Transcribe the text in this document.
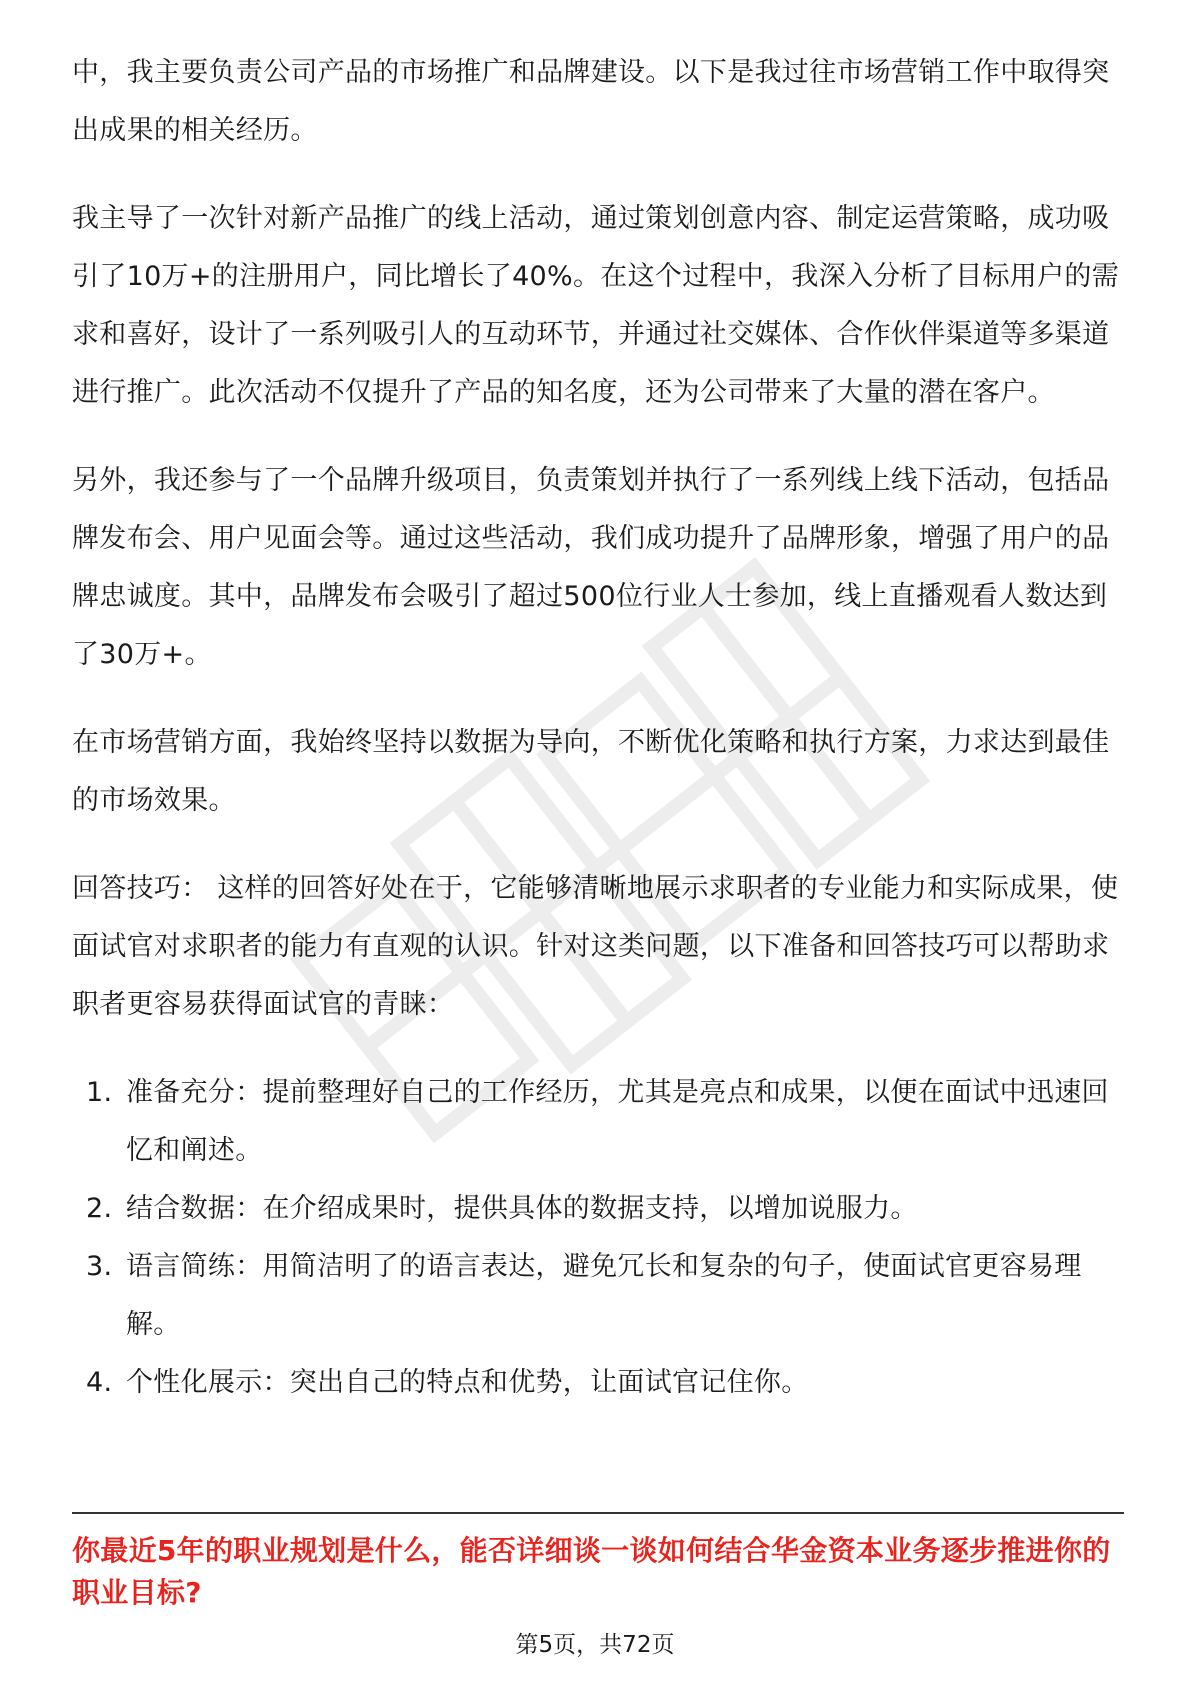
中，我主要负责公司产品的市场推广和品牌建设。以下是我过往市场营销工作中取得突出成果的相关经历。

我主导了一次针对新产品推广的线上活动，通过策划创意内容、制定运营策略，成功吸引了10万+的注册用户，同比增长了40%。在这个过程中，我深入分析了目标用户的需求和喜好，设计了一系列吸引人的互动环节，并通过社交媒体、合作伙伴渠道等多渠道进行推广。此次活动不仅提升了产品的知名度，还为公司带来了大量的潜在客户。

另外，我还参与了一个品牌升级项目，负责策划并执行了一系列线上线下活动，包括品牌发布会、用户见面会等。通过这些活动，我们成功提升了品牌形象，增强了用户的品牌忠诚度。其中，品牌发布会吸引了超过500位行业人士参加，线上直播观看人数达到了30万+。

在市场营销方面，我始终坚持以数据为导向，不断优化策略和执行方案，力求达到最佳的市场效果。

回答技巧： 这样的回答好处在于，它能够清晰地展示求职者的专业能力和实际成果，使面试官对求职者的能力有直观的认识。针对这类问题，以下准备和回答技巧可以帮助求职者更容易获得面试官的青睐：

1. 准备充分：提前整理好自己的工作经历，尤其是亮点和成果，以便在面试中迅速回忆和阐述。
2. 结合数据：在介绍成果时，提供具体的数据支持，以增加说服力。
3. 语言简练：用简洁明了的语言表达，避免冗长和复杂的句子，使面试官更容易理解。
4. 个性化展示：突出自己的特点和优势，让面试官记住你。
你最近5年的职业规划是什么，能否详细谈一谈如何结合华金资本业务逐步推进你的职业目标?
第5页，共72页
